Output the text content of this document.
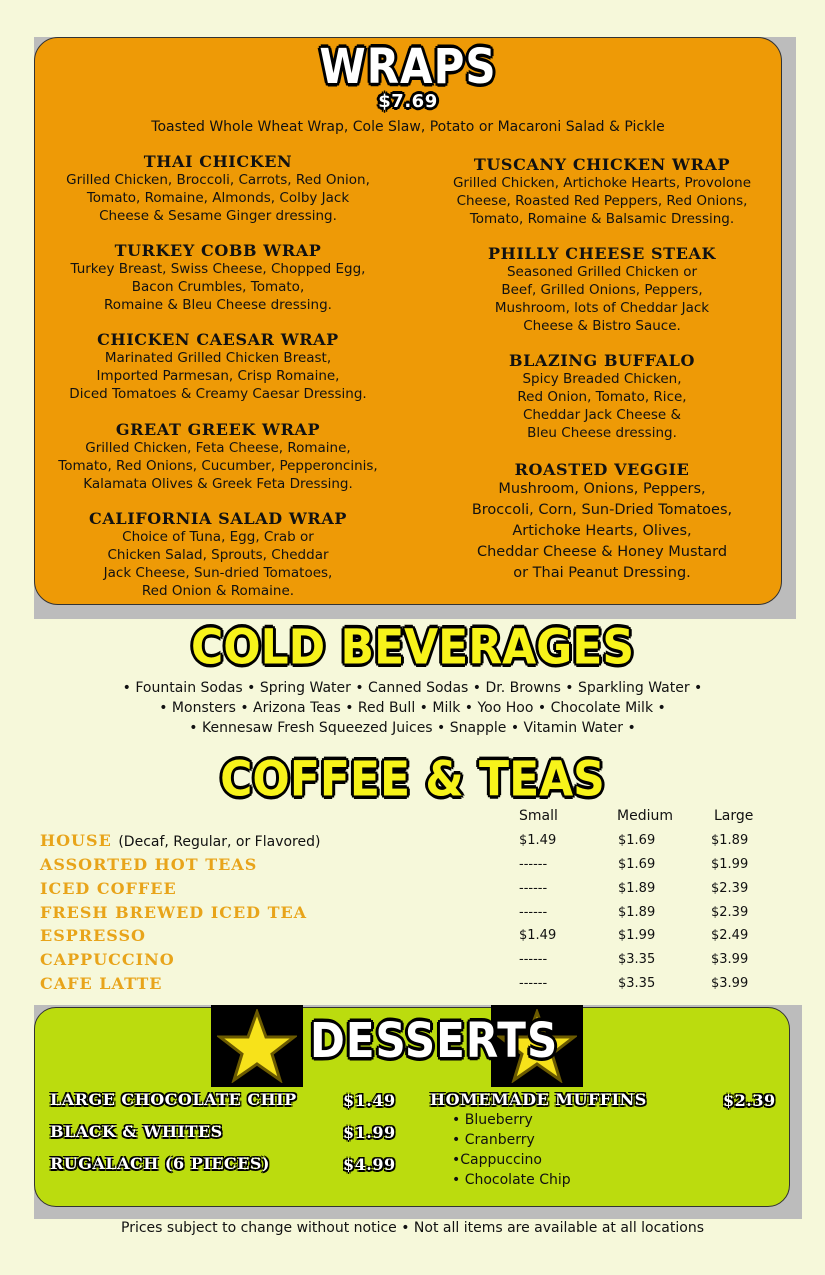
WRAPS
$7.69
Toasted Whole Wheat Wrap, Cole Slaw, Potato or Macaroni Salad & Pickle
THAI CHICKEN
Grilled Chicken, Broccoli, Carrots, Red Onion,
Tomato, Romaine, Almonds, Colby Jack
Cheese & Sesame Ginger dressing.
TURKEY COBB WRAP
Turkey Breast, Swiss Cheese, Chopped Egg,
Bacon Crumbles, Tomato,
Romaine & Bleu Cheese dressing.
CHICKEN CAESAR WRAP
Marinated Grilled Chicken Breast,
Imported Parmesan, Crisp Romaine,
Diced Tomatoes & Creamy Caesar Dressing.
GREAT GREEK WRAP
Grilled Chicken, Feta Cheese, Romaine,
Tomato, Red Onions, Cucumber, Pepperoncinis,
Kalamata Olives & Greek Feta Dressing.
CALIFORNIA SALAD WRAP
Choice of Tuna, Egg, Crab or
Chicken Salad, Sprouts, Cheddar
Jack Cheese, Sun-dried Tomatoes,
Red Onion & Romaine.
TUSCANY CHICKEN WRAP
Grilled Chicken, Artichoke Hearts, Provolone
Cheese, Roasted Red Peppers, Red Onions,
Tomato, Romaine & Balsamic Dressing.
PHILLY CHEESE STEAK
Seasoned Grilled Chicken or
Beef, Grilled Onions, Peppers,
Mushroom, lots of Cheddar Jack
Cheese & Bistro Sauce.
BLAZING BUFFALO
Spicy Breaded Chicken,
Red Onion, Tomato, Rice,
Cheddar Jack Cheese &
Bleu Cheese dressing.
ROASTED VEGGIE
Mushroom, Onions, Peppers,
Broccoli, Corn, Sun-Dried Tomatoes,
Artichoke Hearts, Olives,
Cheddar Cheese & Honey Mustard
or Thai Peanut Dressing.
COLD BEVERAGES
• Fountain Sodas • Spring Water • Canned Sodas • Dr. Browns • Sparkling Water •
• Monsters • Arizona Teas • Red Bull • Milk • Yoo Hoo • Chocolate Milk •
• Kennesaw Fresh Squeezed Juices • Snapple • Vitamin Water •
COFFEE & TEAS
Small	Medium	Large
HOUSE (Decaf, Regular, or Flavored)	$1.49	$1.69	$1.89
ASSORTED HOT TEAS	------	$1.69	$1.99
ICED COFFEE	------	$1.89	$2.39
FRESH BREWED ICED TEA	------	$1.89	$2.39
ESPRESSO	$1.49	$1.99	$2.49
CAPPUCCINO	------	$3.35	$3.99
CAFE LATTE	------	$3.35	$3.99
DESSERTS
LARGE CHOCOLATE CHIP	$1.49
BLACK & WHITES	$1.99
RUGALACH (6 PIECES)	$4.99
HOMEMADE MUFFINS	$2.39
• Blueberry
• Cranberry
•Cappuccino
• Chocolate Chip
Prices subject to change without notice • Not all items are available at all locations
